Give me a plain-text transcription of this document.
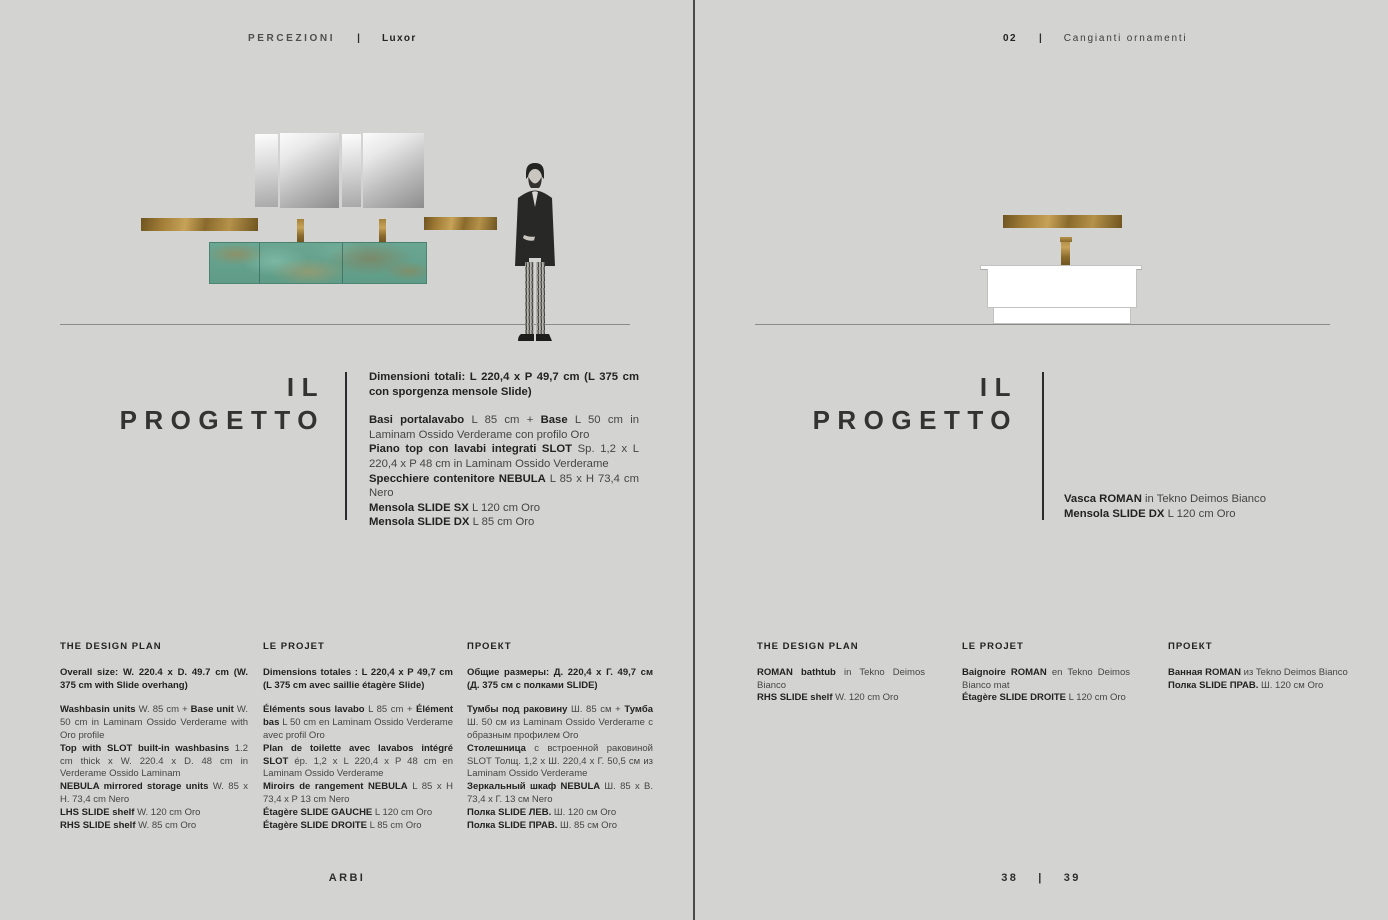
PERCEZIONI | Luxor
IL
PROGETTO

Dimensioni totali: L 220,4 x P 49,7 cm (L 375 cm con sporgenza mensole Slide)

Basi portalavabo L 85 cm + Base L 50 cm in Laminam Ossido Verderame con profilo Oro

Piano top con lavabi integrati SLOT Sp. 1,2 x L 220,4 x P 48 cm in Laminam Ossido Verderame

Specchiere contenitore NEBULA L 85 x H 73,4 cm Nero

Mensola SLIDE SX L 120 cm Oro

Mensola SLIDE DX L 85 cm Oro

THE DESIGN PLAN

Overall size: W. 220.4 x D. 49.7 cm (W. 375 cm with Slide overhang)

Washbasin units W. 85 cm + Base unit W. 50 cm in Laminam Ossido Verderame with Oro profile

Top with SLOT built-in washbasins 1.2 cm thick x W. 220.4 x D. 48 cm in Verderame Ossido Laminam

NEBULA mirrored storage units W. 85 x H. 73,4 cm Nero

LHS SLIDE shelf W. 120 cm Oro

RHS SLIDE shelf W. 85 cm Oro

LE PROJET

Dimensions totales : L 220,4 x P 49,7 cm (L 375 cm avec saillie étagère Slide)

Éléments sous lavabo L 85 cm + Élément bas L 50 cm en Laminam Ossido Verderame avec profil Oro

Plan de toilette avec lavabos intégré SLOT ép. 1,2 x L 220,4 x P 48 cm en Laminam Ossido Verderame

Miroirs de rangement NEBULA L 85 x H 73,4 x P 13 cm Nero

Étagère SLIDE GAUCHE L 120 cm Oro

Étagère SLIDE DROITE L 85 cm Oro

ПРОЕКТ

Общие размеры: Д. 220,4 х Г. 49,7 см (Д. 375 см с полками SLIDE)

Тумбы под раковину Ш. 85 см + Тумба Ш. 50 см из Laminam Ossido Verderame с образным профилем Oro

Столешница с встроенной раковиной SLOT Толщ. 1,2 х Ш. 220,4 х Г. 50,5 см из Laminam Ossido Verderame

Зеркальный шкаф NEBULA Ш. 85 х В. 73,4 х Г. 13 см Nero

Полка SLIDE ЛЕВ. Ш. 120 см Oro

Полка SLIDE ПРАВ. Ш. 85 см Oro

ARBI
02 | Cangianti ornamenti
IL
PROGETTO

Vasca ROMAN in Tekno Deimos Bianco

Mensola SLIDE DX L 120 cm Oro

THE DESIGN PLAN

ROMAN bathtub in Tekno Deimos Bianco

RHS SLIDE shelf W. 120 cm Oro

LE PROJET

Baignoire ROMAN en Tekno Deimos Bianco mat

Étagère SLIDE DROITE L 120 cm Oro

ПРОЕКТ

Ванная ROMAN из Tekno Deimos Bianco

Полка SLIDE ПРАВ. Ш. 120 см Oro

38 | 39
